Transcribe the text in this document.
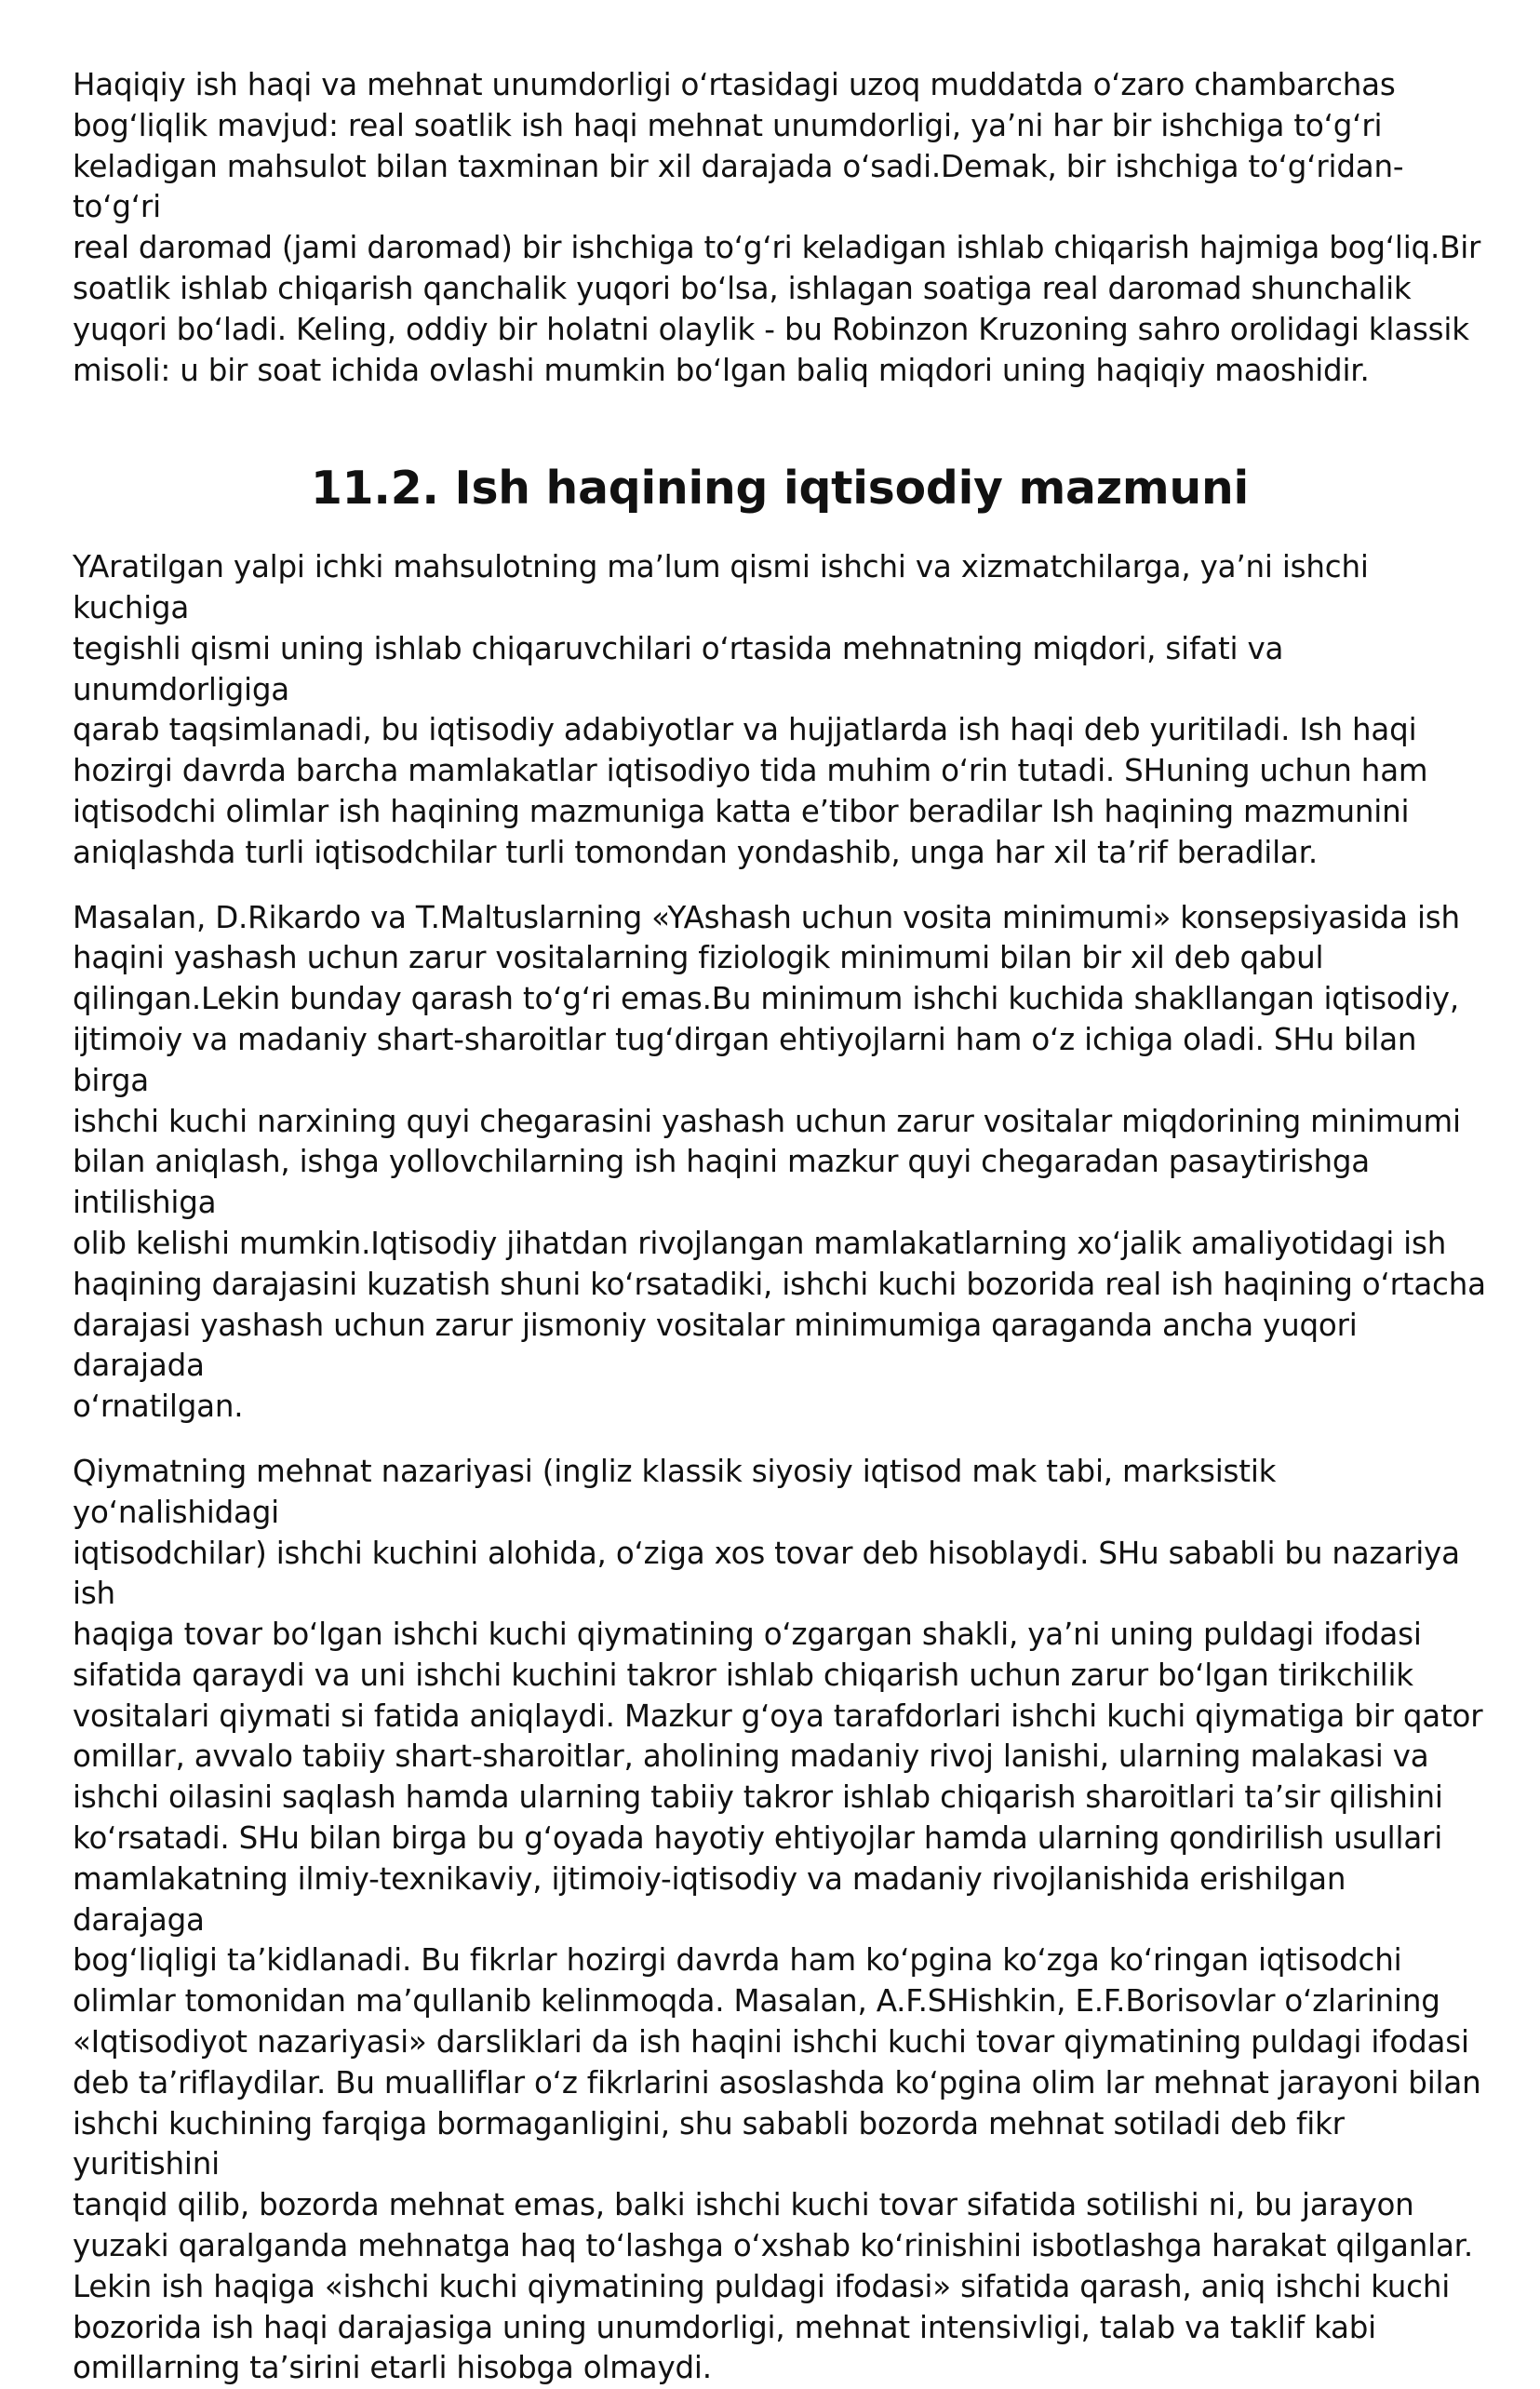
Haqiqiy ish haqi va mehnat unumdorligi o‘rtasidagi uzoq muddatda o‘zaro chambarchas
bog‘liqlik mavjud: real soatlik ish haqi mehnat unumdorligi, ya’ni har bir ishchiga to‘g‘ri
keladigan mahsulot bilan taxminan bir xil darajada o‘sadi.Demak, bir ishchiga to‘g‘ridan-to‘g‘ri
real daromad (jami daromad) bir ishchiga to‘g‘ri keladigan ishlab chiqarish hajmiga bog‘liq.Bir
soatlik ishlab chiqarish qanchalik yuqori bo‘lsa, ishlagan soatiga real daromad shunchalik
yuqori bo‘ladi. Keling, oddiy bir holatni olaylik - bu Robinzon Kruzoning sahro orolidagi klassik
misoli: u bir soat ichida ovlashi mumkin bo‘lgan baliq miqdori uning haqiqiy maoshidir.

11.2. Ish haqining iqtisodiy mazmuni

YAratilgan yalpi ichki mahsulotning ma’lum qismi ishchi va xizmatchilarga, ya’ni ishchi kuchiga
tegishli qismi uning ishlab chiqaruvchilari o‘rtasida mehnatning miqdori, sifati va unumdorligiga
qarab taqsimlanadi, bu iqtisodiy adabiyotlar va hujjatlarda ish haqi deb yuritiladi. Ish haqi
hozirgi davrda barcha mamlakatlar iqtisodiyo tida muhim o‘rin tutadi. SHuning uchun ham
iqtisodchi olimlar ish haqining mazmuniga katta e’tibor beradilar Ish haqining mazmunini
aniqlashda turli iqtisodchilar turli tomondan yondashib, unga har xil ta’rif beradilar.

Masalan, D.Rikardo va T.Maltuslarning «YAshash uchun vosita minimumi» konsepsiyasida ish
haqini yashash uchun zarur vositalarning fiziologik minimumi bilan bir xil deb qabul
qilingan.Lekin bunday qarash to‘g‘ri emas.Bu minimum ishchi kuchida shakllangan iqtisodiy,
ijtimoiy va madaniy shart-sharoitlar tug‘dirgan ehtiyojlarni ham o‘z ichiga oladi. SHu bilan birga
ishchi kuchi narxining quyi chegarasini yashash uchun zarur vositalar miqdorining minimumi
bilan aniqlash, ishga yollovchilarning ish haqini mazkur quyi chegaradan pasaytirishga intilishiga
olib kelishi mumkin.Iqtisodiy jihatdan rivojlangan mamlakatlarning xo‘jalik amaliyotidagi ish
haqining darajasini kuzatish shuni ko‘rsatadiki, ishchi kuchi bozorida real ish haqining o‘rtacha
darajasi yashash uchun zarur jismoniy vositalar minimumiga qaraganda ancha yuqori darajada
o‘rnatilgan.

Qiymatning mehnat nazariyasi (ingliz klassik siyosiy iqtisod mak tabi, marksistik yo‘nalishidagi
iqtisodchilar) ishchi kuchini alohida, o‘ziga xos tovar deb hisoblaydi. SHu sababli bu nazariya ish
haqiga tovar bo‘lgan ishchi kuchi qiymatining o‘zgargan shakli, ya’ni uning puldagi ifodasi
sifatida qaraydi va uni ishchi kuchini takror ishlab chiqarish uchun zarur bo‘lgan tirikchilik
vositalari qiymati si fatida aniqlaydi. Mazkur g‘oya tarafdorlari ishchi kuchi qiymatiga bir qator
omillar, avvalo tabiiy shart-sharoitlar, aholining madaniy rivoj lanishi, ularning malakasi va
ishchi oilasini saqlash hamda ularning tabiiy takror ishlab chiqarish sharoitlari ta’sir qilishini
ko‘rsatadi. SHu bilan birga bu g‘oyada hayotiy ehtiyojlar hamda ularning qondirilish usullari
mamlakatning ilmiy-texnikaviy, ijtimoiy-iqtisodiy va madaniy rivojlanishida erishilgan darajaga
bog‘liqligi ta’kidlanadi. Bu fikrlar hozirgi davrda ham ko‘pgina ko‘zga ko‘ringan iqtisodchi
olimlar tomonidan ma’qullanib kelinmoqda. Masalan, A.F.SHishkin, E.F.Borisovlar o‘zlarining
«Iqtisodiyot nazariyasi» darsliklari da ish haqini ishchi kuchi tovar qiymatining puldagi ifodasi
deb ta’riflaydilar. Bu mualliflar o‘z fikrlarini asoslashda ko‘pgina olim lar mehnat jarayoni bilan
ishchi kuchining farqiga bormaganligini, shu sababli bozorda mehnat sotiladi deb fikr yuritishini
tanqid qilib, bozorda mehnat emas, balki ishchi kuchi tovar sifatida sotilishi ni, bu jarayon
yuzaki qaralganda mehnatga haq to‘lashga o‘xshab ko‘rinishini isbotlashga harakat qilganlar.
Lekin ish haqiga «ishchi kuchi qiymatining puldagi ifodasi» sifatida qarash, aniq ishchi kuchi
bozorida ish haqi darajasiga uning unumdorligi, mehnat intensivligi, talab va taklif kabi
omillarning ta’sirini etarli hisobga olmaydi.
